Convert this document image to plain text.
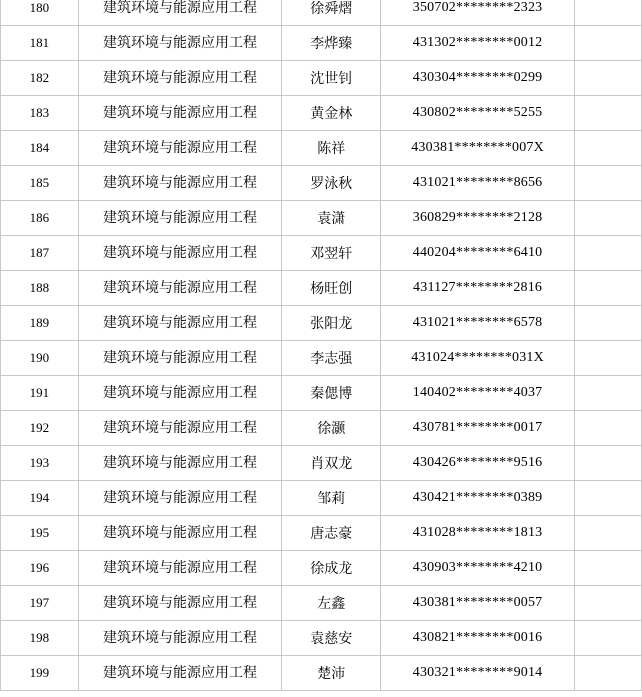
180	建筑环境与能源应用工程	徐舜熠	350702********2323	
181	建筑环境与能源应用工程	李烨臻	431302********0012	
182	建筑环境与能源应用工程	沈世钊	430304********0299	
183	建筑环境与能源应用工程	黄金林	430802********5255	
184	建筑环境与能源应用工程	陈祥	430381********007X	
185	建筑环境与能源应用工程	罗泳秋	431021********8656	
186	建筑环境与能源应用工程	袁潇	360829********2128	
187	建筑环境与能源应用工程	邓翌轩	440204********6410	
188	建筑环境与能源应用工程	杨旺创	431127********2816	
189	建筑环境与能源应用工程	张阳龙	431021********6578	
190	建筑环境与能源应用工程	李志强	431024********031X	
191	建筑环境与能源应用工程	秦偲博	140402********4037	
192	建筑环境与能源应用工程	徐灏	430781********0017	
193	建筑环境与能源应用工程	肖双龙	430426********9516	
194	建筑环境与能源应用工程	邹莉	430421********0389	
195	建筑环境与能源应用工程	唐志豪	431028********1813	
196	建筑环境与能源应用工程	徐成龙	430903********4210	
197	建筑环境与能源应用工程	左鑫	430381********0057	
198	建筑环境与能源应用工程	袁慈安	430821********0016	
199	建筑环境与能源应用工程	楚沛	430321********9014	
